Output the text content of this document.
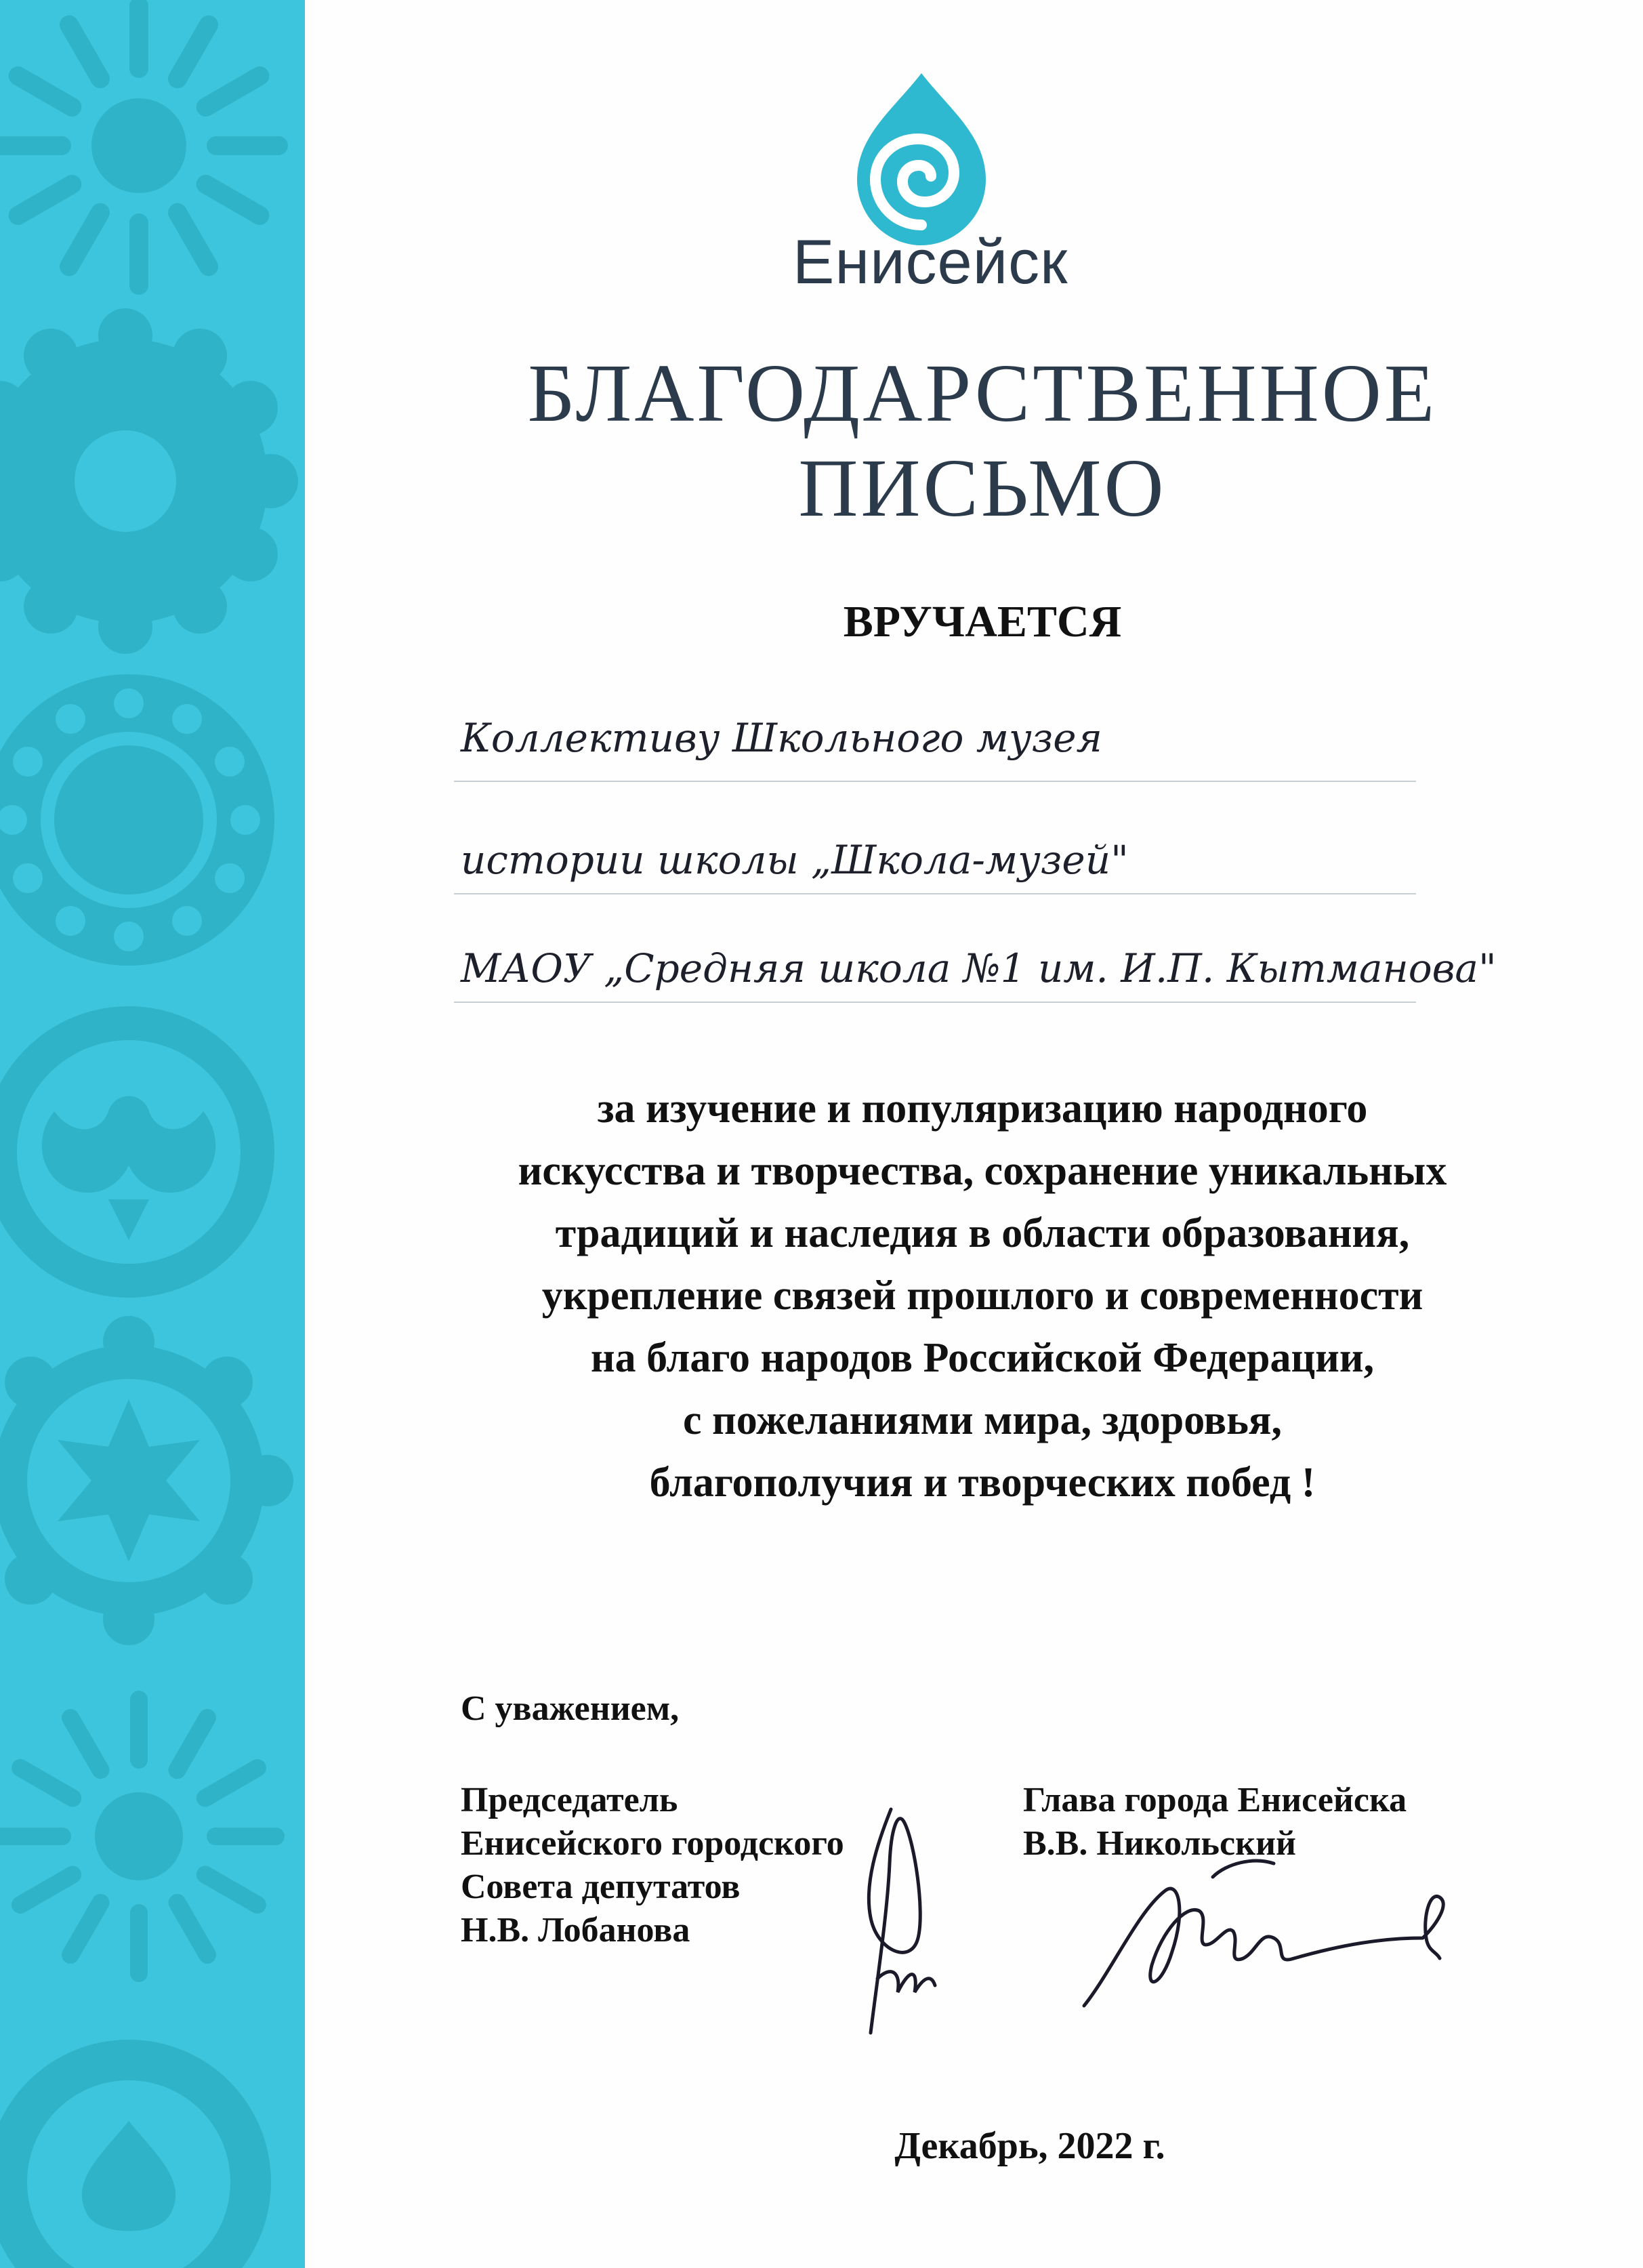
Енисейск
БЛАГОДАРСТВЕННОЕ
ПИСЬМО
ВРУЧАЕТСЯ
Коллективу Школьного музея
истории школы „Школа-музей"
МАОУ „Средняя школа №1 им. И.П. Кытманова"
за изучение и популяризацию народного
искусства и творчества, сохранение уникальных
традиций и наследия в области образования,
укрепление связей прошлого и современности
на благо народов Российской Федерации,
с пожеланиями мира, здоровья,
благополучия и творческих побед !
С уважением,
Председатель
Енисейского городского
Совета депутатов
Н.В. Лобанова
Глава города Енисейска
В.В. Никольский
Декабрь, 2022 г.
